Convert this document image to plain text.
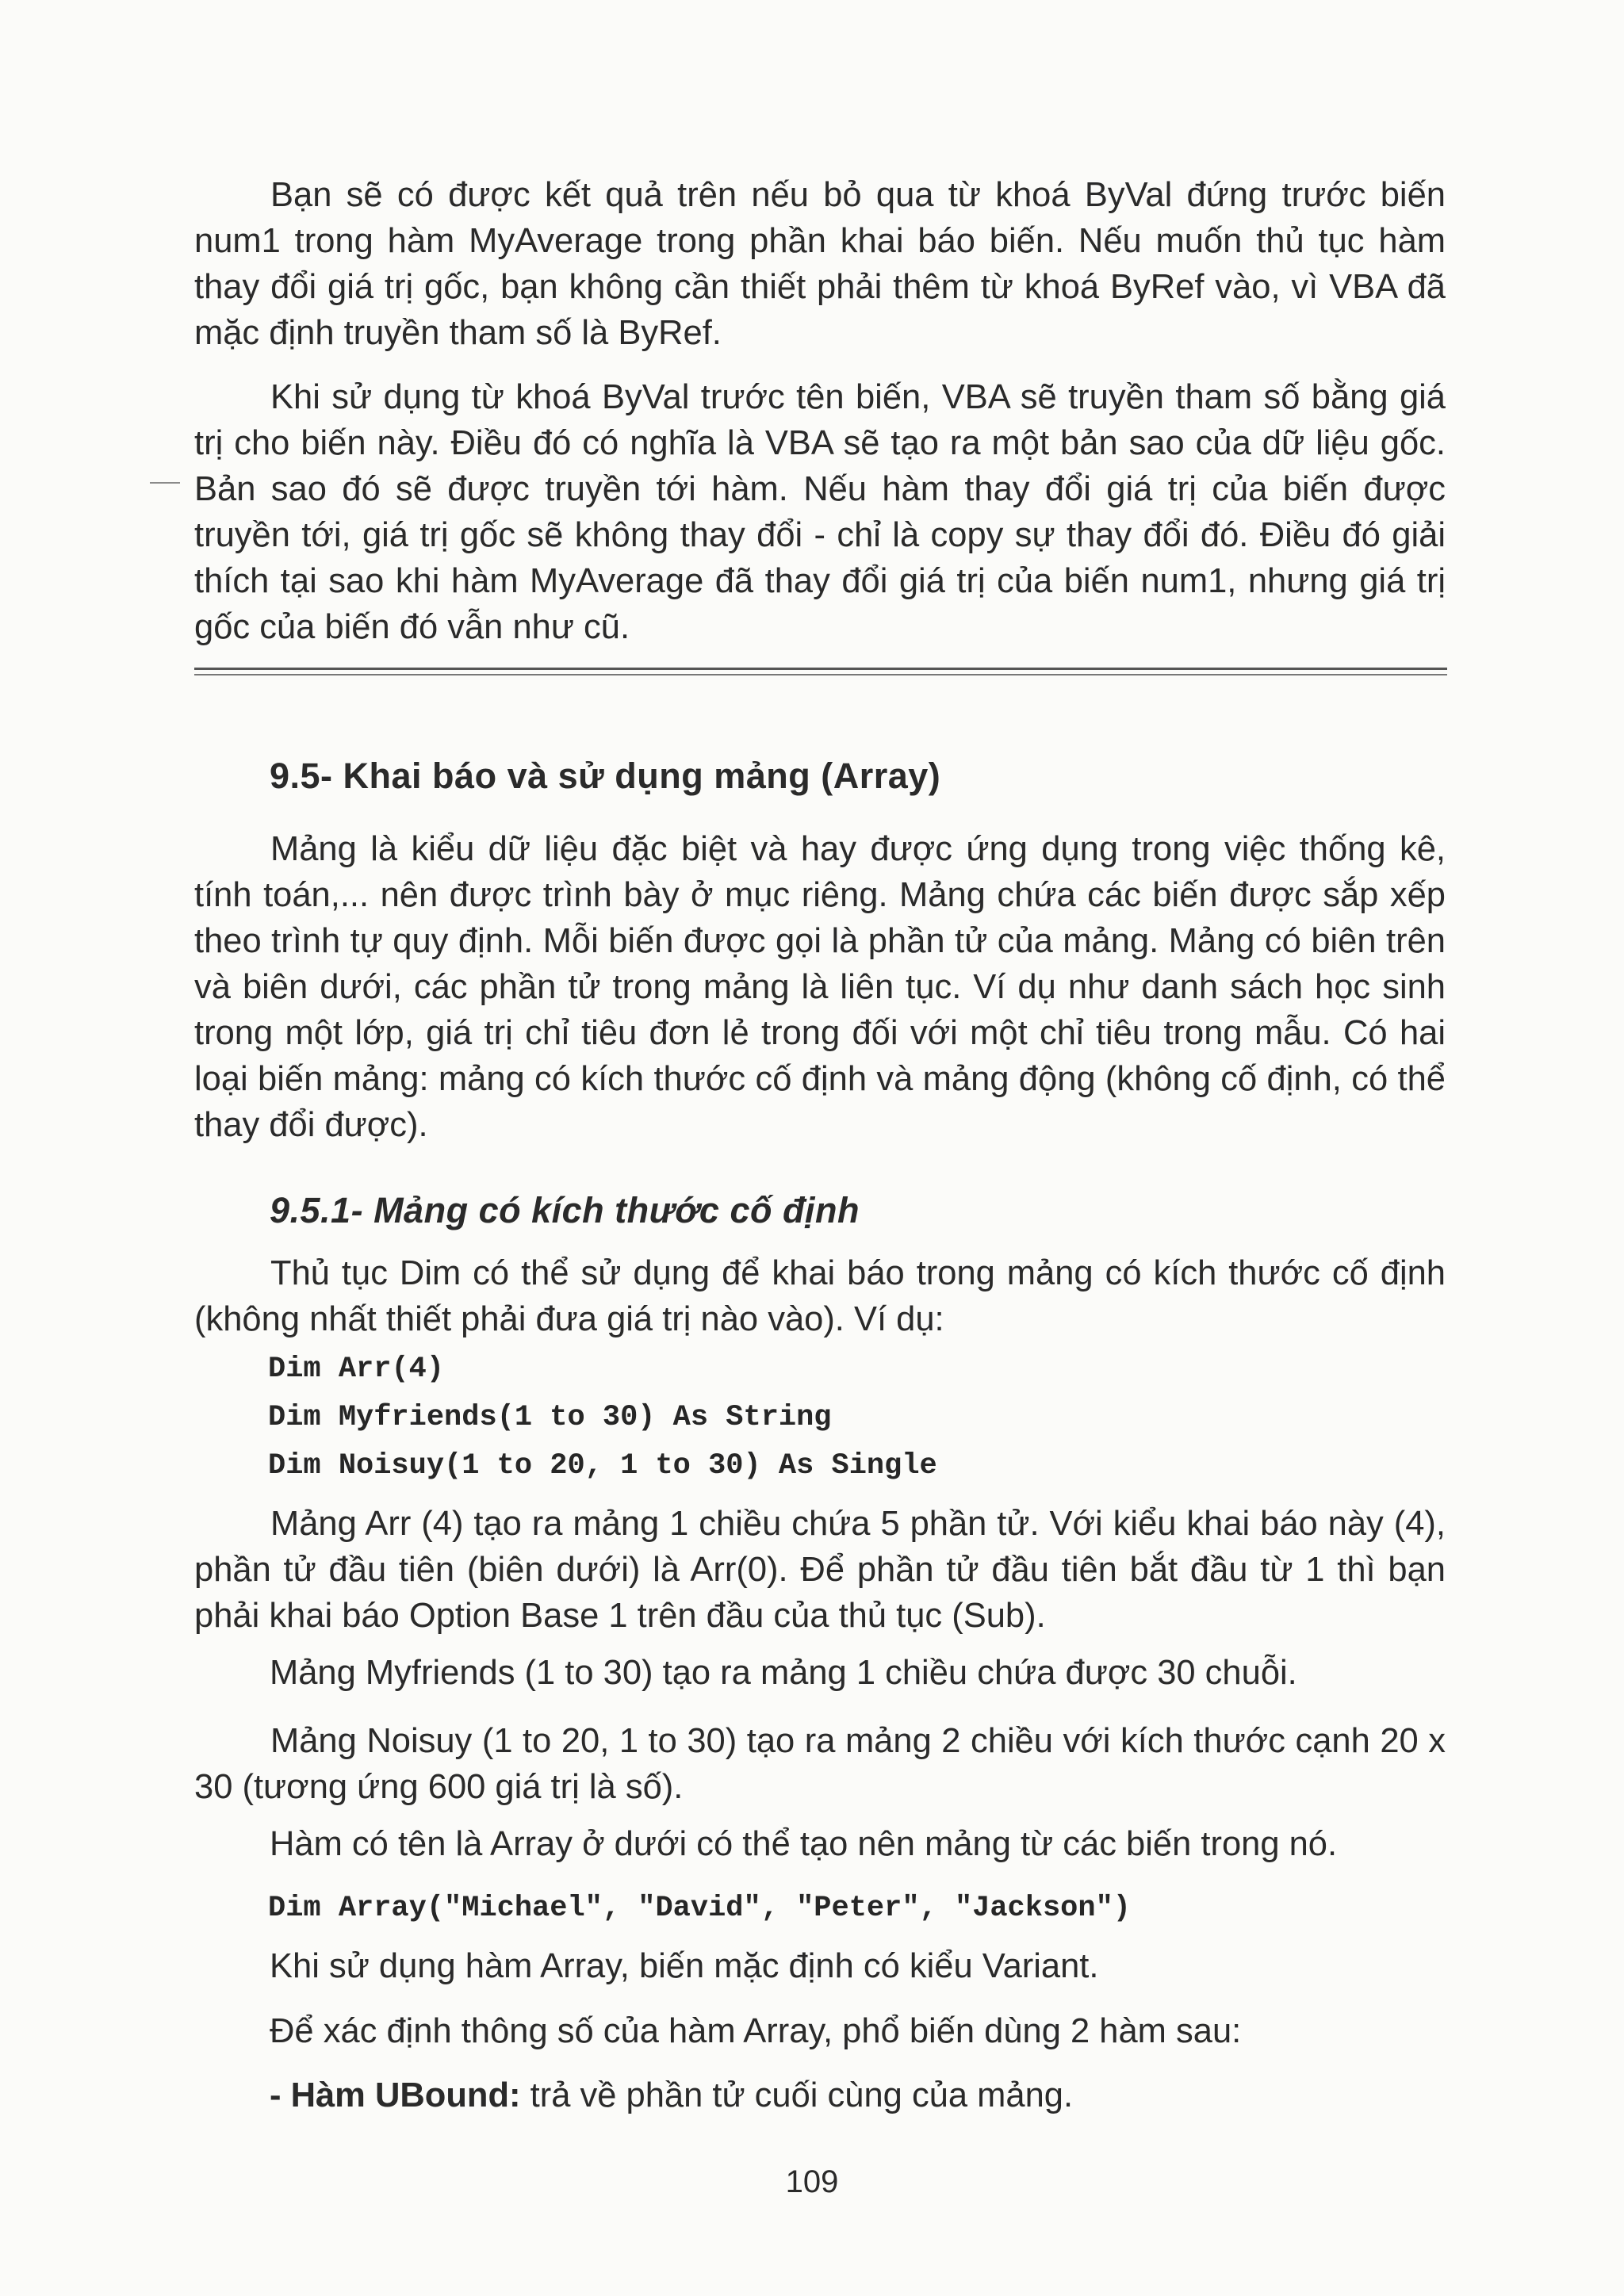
Bạn sẽ có được kết quả trên nếu bỏ qua từ khoá ByVal đứng trước biến num1 trong hàm MyAverage trong phần khai báo biến. Nếu muốn thủ tục hàm thay đổi giá trị gốc, bạn không cần thiết phải thêm từ khoá ByRef vào, vì VBA đã mặc định truyền tham số là ByRef.

Khi sử dụng từ khoá ByVal trước tên biến, VBA sẽ truyền tham số bằng giá trị cho biến này. Điều đó có nghĩa là VBA sẽ tạo ra một bản sao của dữ liệu gốc. Bản sao đó sẽ được truyền tới hàm. Nếu hàm thay đổi giá trị của biến được truyền tới, giá trị gốc sẽ không thay đổi - chỉ là copy sự thay đổi đó. Điều đó giải thích tại sao khi hàm MyAverage đã thay đổi giá trị của biến num1, nhưng giá trị gốc của biến đó vẫn như cũ.

9.5- Khai báo và sử dụng mảng (Array)

Mảng là kiểu dữ liệu đặc biệt và hay được ứng dụng trong việc thống kê, tính toán,... nên được trình bày ở mục riêng. Mảng chứa các biến được sắp xếp theo trình tự quy định. Mỗi biến được gọi là phần tử của mảng. Mảng có biên trên và biên dưới, các phần tử trong mảng là liên tục. Ví dụ như danh sách học sinh trong một lớp, giá trị chỉ tiêu đơn lẻ trong đối với một chỉ tiêu trong mẫu. Có hai loại biến mảng: mảng có kích thước cố định và mảng động (không cố định, có thể thay đổi được).

9.5.1- Mảng có kích thước cố định

Thủ tục Dim có thể sử dụng để khai báo trong mảng có kích thước cố định (không nhất thiết phải đưa giá trị nào vào). Ví dụ:

Dim Arr(4)
Dim Myfriends(1 to 30) As String
Dim Noisuy(1 to 20, 1 to 30) As Single

Mảng Arr (4) tạo ra mảng 1 chiều chứa 5 phần tử. Với kiểu khai báo này (4), phần tử đầu tiên (biên dưới) là Arr(0). Để phần tử đầu tiên bắt đầu từ 1 thì bạn phải khai báo Option Base 1 trên đầu của thủ tục (Sub).

Mảng Myfriends (1 to 30) tạo ra mảng 1 chiều chứa được 30 chuỗi.

Mảng Noisuy (1 to 20, 1 to 30) tạo ra mảng 2 chiều với kích thước cạnh 20 x 30 (tương ứng 600 giá trị là số).

Hàm có tên là Array ở dưới có thể tạo nên mảng từ các biến trong nó.

Dim Array("Michael", "David", "Peter", "Jackson")

Khi sử dụng hàm Array, biến mặc định có kiểu Variant.

Để xác định thông số của hàm Array, phổ biến dùng 2 hàm sau:

- Hàm UBound: trả về phần tử cuối cùng của mảng.

109
